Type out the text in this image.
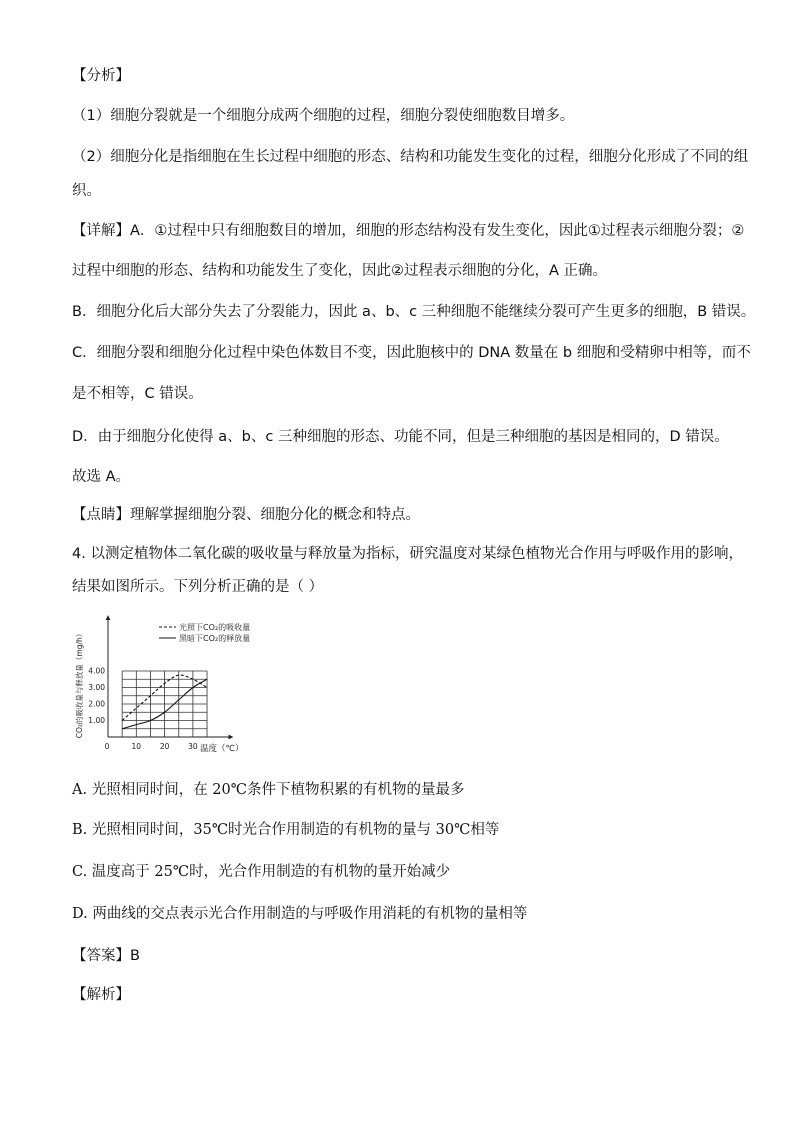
【分析】
（1）细胞分裂就是一个细胞分成两个细胞的过程，细胞分裂使细胞数目增多。
（2）细胞分化是指细胞在生长过程中细胞的形态、结构和功能发生变化的过程，细胞分化形成了不同的组
织。
【详解】A．①过程中只有细胞数目的增加，细胞的形态结构没有发生变化，因此①过程表示细胞分裂；②
过程中细胞的形态、结构和功能发生了变化，因此②过程表示细胞的分化，A 正确。
B．细胞分化后大部分失去了分裂能力，因此 a、b、c 三种细胞不能继续分裂可产生更多的细胞，B 错误。
C．细胞分裂和细胞分化过程中染色体数目不变，因此胞核中的 DNA 数量在 b 细胞和受精卵中相等，而不
是不相等，C 错误。
D．由于细胞分化使得 a、b、c 三种细胞的形态、功能不同，但是三种细胞的基因是相同的，D 错误。
故选 A。
【点睛】理解掌握细胞分裂、细胞分化的概念和特点。
4. 以测定植物体二氧化碳的吸收量与释放量为指标，研究温度对某绿色植物光合作用与呼吸作用的影响，
结果如图所示。下列分析正确的是（ ）
0	10	20	30
1.00
2.00
3.00
4.00
光照下CO₂的吸收量
黑暗下CO₂的释放量
温度（℃）
CO₂的吸收量与释放量（mg/h）
A. 光照相同时间，在 20℃条件下植物积累的有机物的量最多
B. 光照相同时间，35℃时光合作用制造的有机物的量与 30℃相等
C. 温度高于 25℃时，光合作用制造的有机物的量开始减少
D. 两曲线的交点表示光合作用制造的与呼吸作用消耗的有机物的量相等
【答案】B
【解析】
